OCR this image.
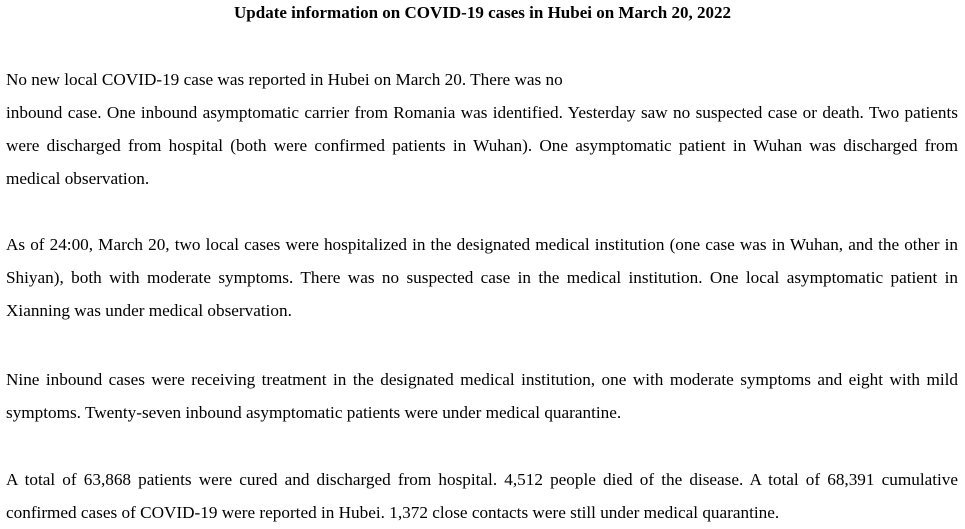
Update information on COVID-19 cases in Hubei on March 20, 2022

No new local COVID-19 case was reported in Hubei on March 20. There was no
inbound case. One inbound asymptomatic carrier from Romania was identified. Yesterday saw no suspected case or death. Two patients were discharged from hospital (both were confirmed patients in Wuhan). One asymptomatic patient in Wuhan was discharged from medical observation.

As of 24:00, March 20, two local cases were hospitalized in the designated medical institution (one case was in Wuhan, and the other in Shiyan), both with moderate symptoms. There was no suspected case in the medical institution. One local asymptomatic patient in Xianning was under medical observation.

Nine inbound cases were receiving treatment in the designated medical institution, one with moderate symptoms and eight with mild symptoms. Twenty-seven inbound asymptomatic patients were under medical quarantine.

A total of 63,868 patients were cured and discharged from hospital. 4,512 people died of the disease. A total of 68,391 cumulative confirmed cases of COVID-19 were reported in Hubei. 1,372 close contacts were still under medical quarantine.
